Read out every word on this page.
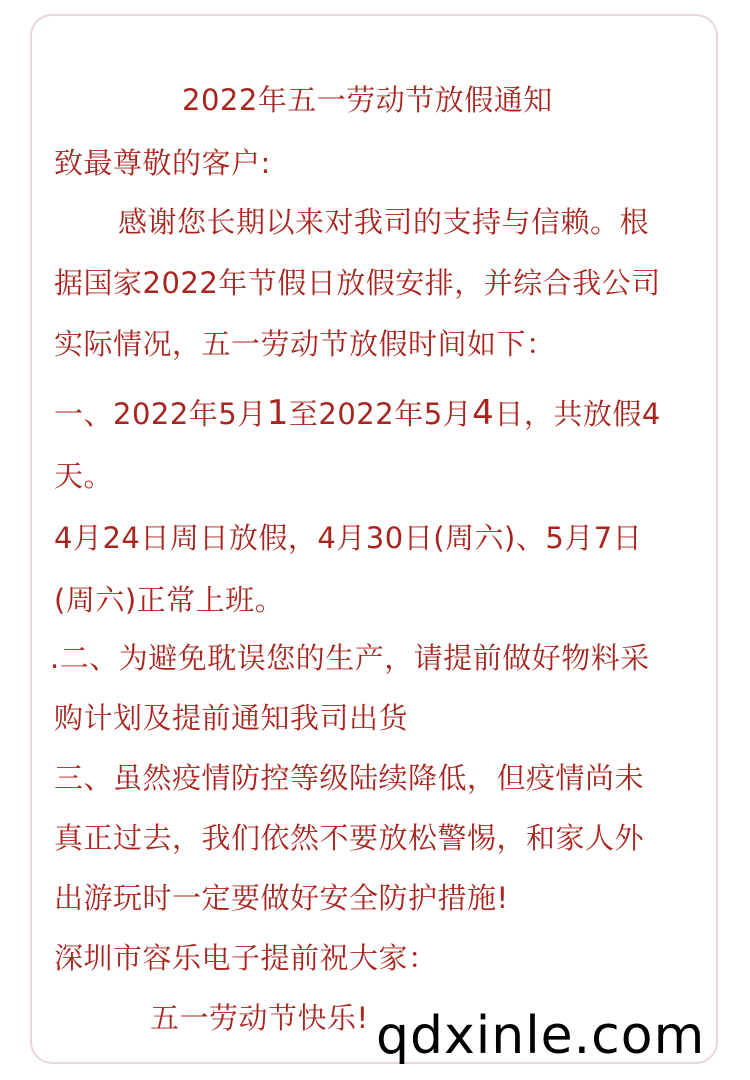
2022年五一劳动节放假通知
致最尊敬的客户:
感谢您长期以来对我司的支持与信赖。根
据国家2022年节假日放假安排，并综合我公司
实际情况，五一劳动节放假时间如下：
一、2022年5月1至2022年5月4日，共放假4
天。
4月24日周日放假，4月30日(周六)、5月7日
(周六)正常上班。
.二、为避免耽误您的生产，请提前做好物料采
购计划及提前通知我司出货
三、虽然疫情防控等级陆续降低，但疫情尚未
真正过去，我们依然不要放松警惕，和家人外
出游玩时一定要做好安全防护措施!
深圳市容乐电子提前祝大家：
五一劳动节快乐! qdxinle.com
